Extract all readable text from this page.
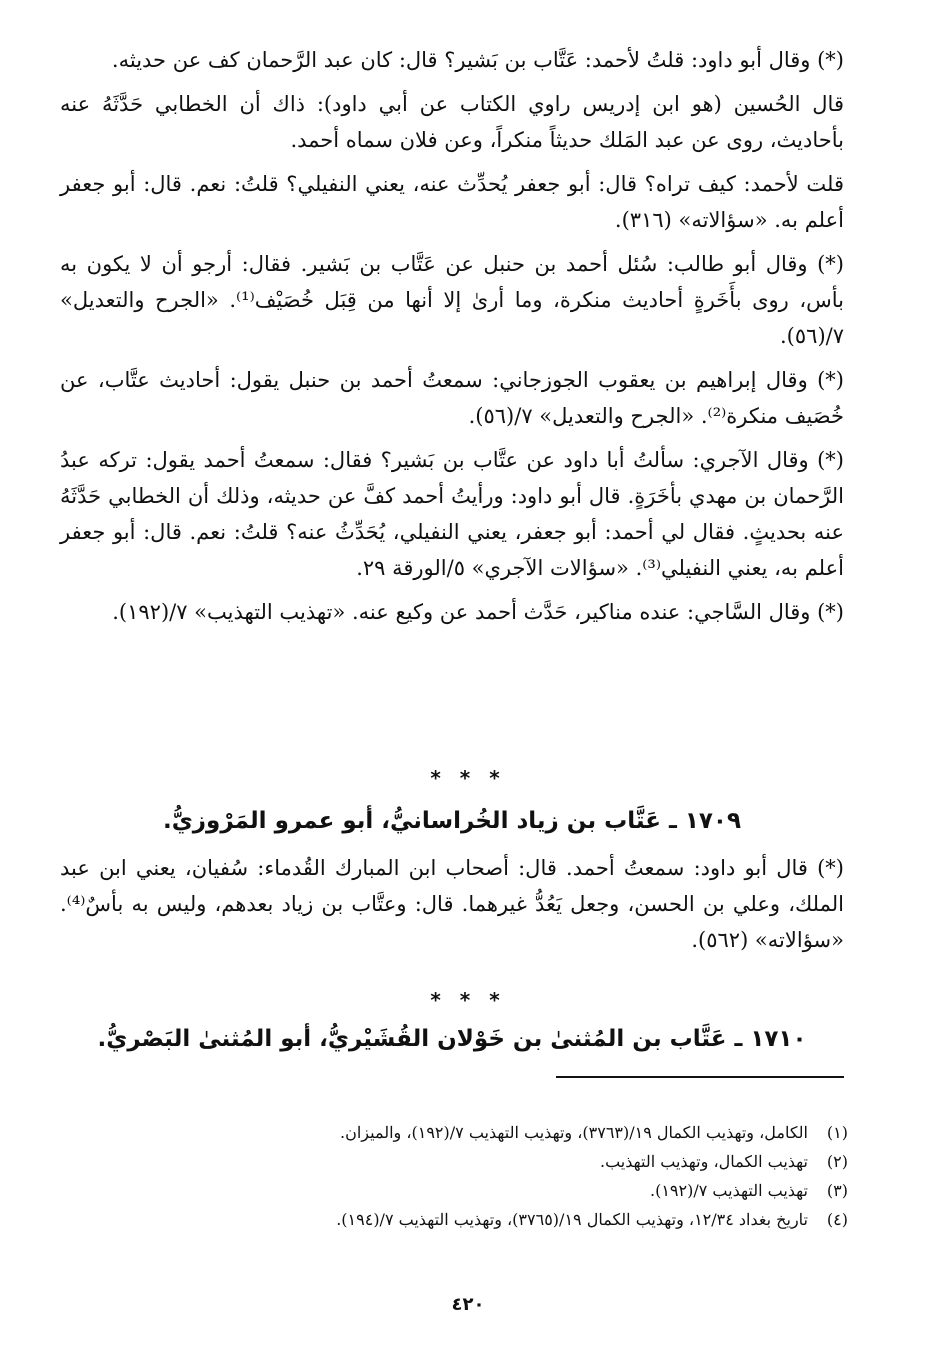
(*) وقال أبو داود: قلتُ لأحمد: عَتَّاب بن بَشير؟ قال: كان عبد الرَّحمان كف عن حديثه.

قال الحُسين (هو ابن إدريس راوي الكتاب عن أبي داود): ذاك أن الخطابي حَدَّثَهُ عنه بأحاديث، روى عن عبد المَلك حديثاً منكراً، وعن فلان سماه أحمد.

قلت لأحمد: كيف تراه؟ قال: أبو جعفر يُحدِّث عنه، يعني النفيلي؟ قلتُ: نعم. قال: أبو جعفر أعلم به. «سؤالاته» (٣١٦).

(*) وقال أبو طالب: سُئل أحمد بن حنبل عن عَتَّاب بن بَشير. فقال: أرجو أن لا يكون به بأس، روى بأَخَرةٍ أحاديث منكرة، وما أرىٰ إلا أنها من قِبَل خُصَيْف⁽¹⁾. «الجرح والتعديل» ٧/(٥٦).

(*) وقال إبراهيم بن يعقوب الجوزجاني: سمعتُ أحمد بن حنبل يقول: أحاديث عتَّاب، عن خُصَيف منكرة⁽²⁾. «الجرح والتعديل» ٧/(٥٦).

(*) وقال الآجري: سألتُ أبا داود عن عتَّاب بن بَشير؟ فقال: سمعتُ أحمد يقول: تركه عبدُ الرَّحمان بن مهدي بأخَرَةٍ. قال أبو داود: ورأيتُ أحمد كفَّ عن حديثه، وذلك أن الخطابي حَدَّثَهُ عنه بحديثٍ. فقال لي أحمد: أبو جعفر، يعني النفيلي، يُحَدِّثُ عنه؟ قلتُ: نعم. قال: أبو جعفر أعلم به، يعني النفيلي⁽³⁾. «سؤالات الآجري» ٥/الورقة ٢٩.

(*) وقال السَّاجي: عنده مناكير، حَدَّث أحمد عن وكيع عنه. «تهذيب التهذيب» ٧/(١٩٢).

* * *
١٧٠٩ ـ عَتَّاب بن زياد الخُراسانيُّ، أبو عمرو المَرْوزيُّ.

(*) قال أبو داود: سمعتُ أحمد. قال: أصحاب ابن المبارك القُدماء: سُفيان، يعني ابن عبد الملك، وعلي بن الحسن، وجعل يَعُدُّ غيرهما. قال: وعتَّاب بن زياد بعدهم، وليس به بأسٌ⁽⁴⁾. «سؤالاته» (٥٦٢).

* * *
١٧١٠ ـ عَتَّاب بن المُثنىٰ بن خَوْلان القُشَيْريُّ، أبو المُثنىٰ البَصْريُّ.
(١)الكامل، وتهذيب الكمال ١٩/(٣٧٦٣)، وتهذيب التهذيب ٧/(١٩٢)، والميزان.
(٢)تهذيب الكمال، وتهذيب التهذيب.
(٣)تهذيب التهذيب ٧/(١٩٢).
(٤)تاريخ بغداد ١٢/٣٤، وتهذيب الكمال ١٩/(٣٧٦٥)، وتهذيب التهذيب ٧/(١٩٤).
٤٢٠
